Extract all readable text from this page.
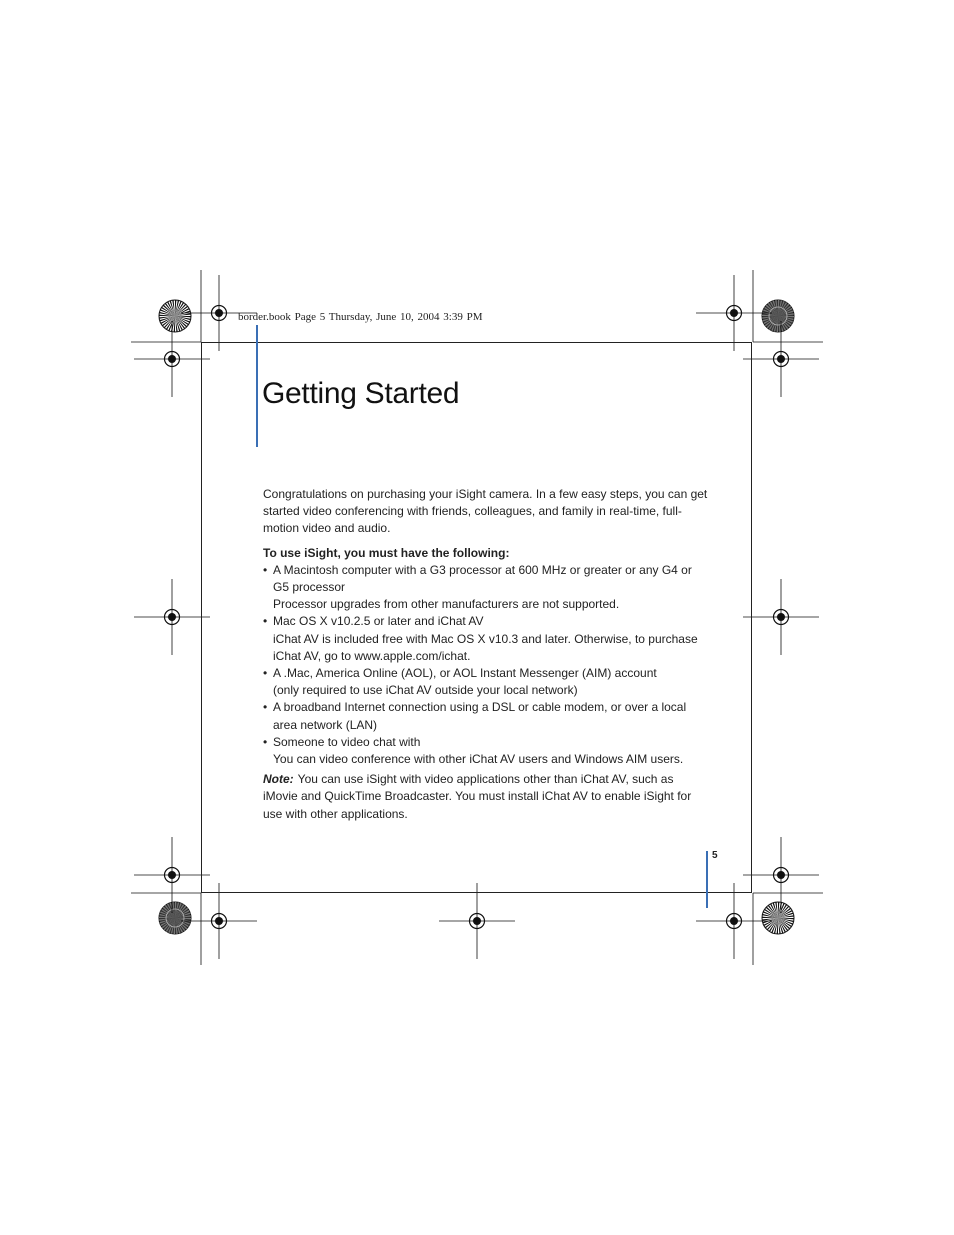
border.book Page 5 Thursday, June 10, 2004 3:39 PM
Getting Started

Congratulations on purchasing your iSight camera. In a few easy steps, you can get started video conferencing with friends, colleagues, and family in real-time, full-motion video and audio.

To use iSight, you must have the following:

• A Macintosh computer with a G3 processor at 600 MHz or greater or any G4 or G5 processor
Processor upgrades from other manufacturers are not supported.
• Mac OS X v10.2.5 or later and iChat AV
iChat AV is included free with Mac OS X v10.3 and later. Otherwise, to purchase iChat AV, go to www.apple.com/ichat.
• A .Mac, America Online (AOL), or AOL Instant Messenger (AIM) account
(only required to use iChat AV outside your local network)
• A broadband Internet connection using a DSL or cable modem, or over a local area network (LAN)
• Someone to video chat with
You can video conference with other iChat AV users and Windows AIM users.

Note: You can use iSight with video applications other than iChat AV, such as iMovie and QuickTime Broadcaster. You must install iChat AV to enable iSight for use with other applications.

5
